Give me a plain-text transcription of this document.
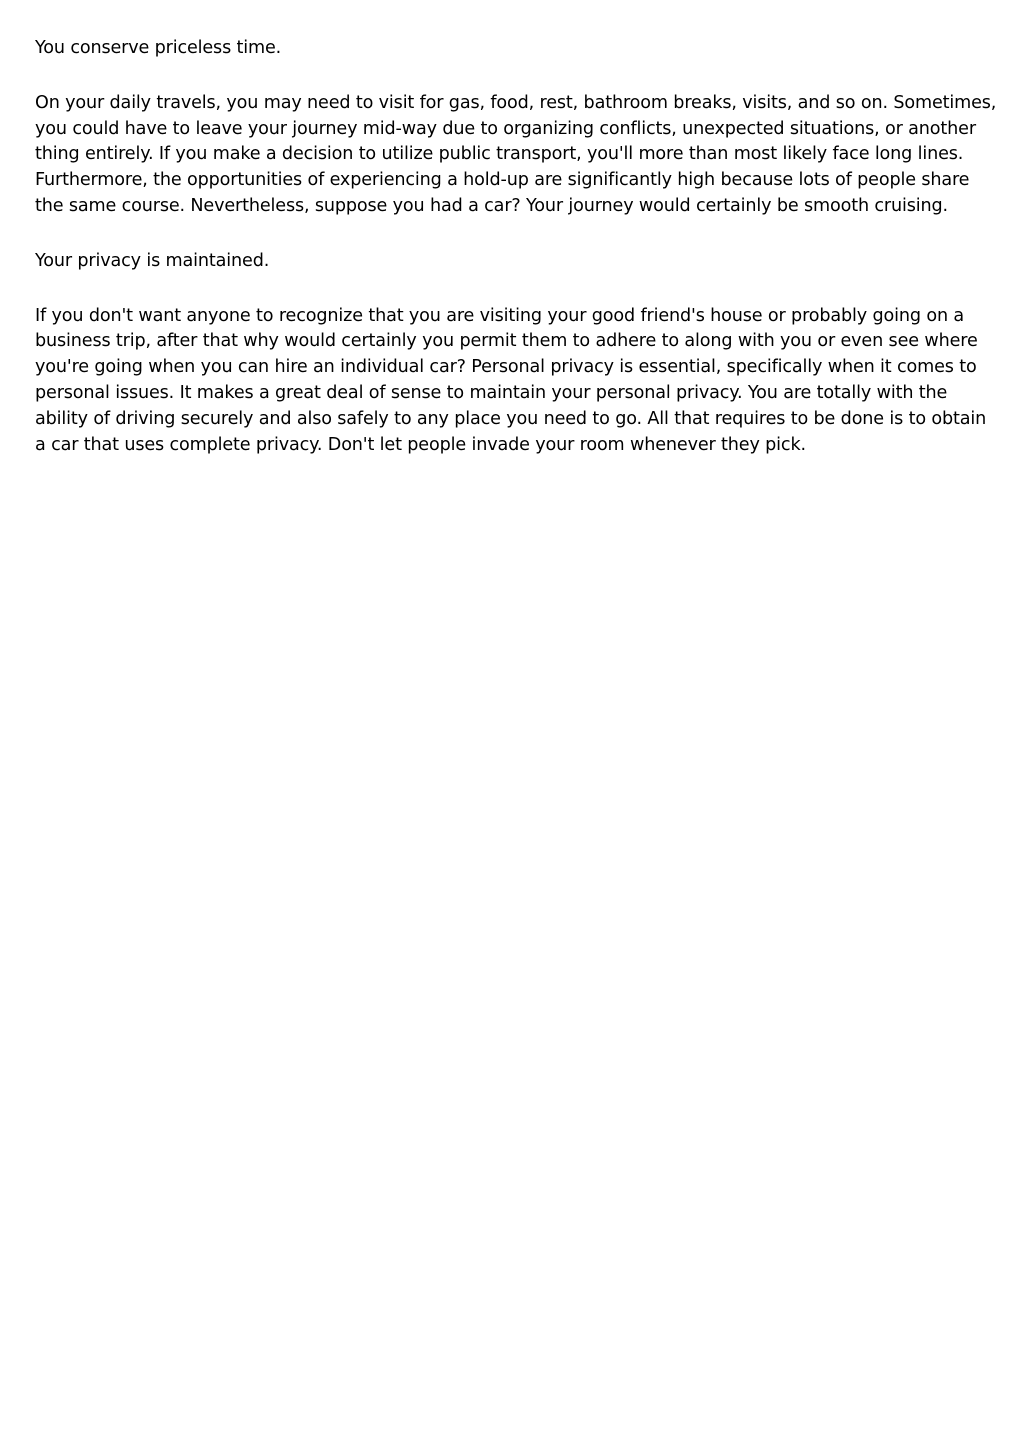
You conserve priceless time.

On your daily travels, you may need to visit for gas, food, rest, bathroom breaks, visits, and so on. Sometimes, you could have to leave your journey mid-way due to organizing conflicts, unexpected situations, or another thing entirely. If you make a decision to utilize public transport, you'll more than most likely face long lines. Furthermore, the opportunities of experiencing a hold-up are significantly high because lots of people share the same course. Nevertheless, suppose you had a car? Your journey would certainly be smooth cruising.

Your privacy is maintained.

If you don't want anyone to recognize that you are visiting your good friend's house or probably going on a business trip, after that why would certainly you permit them to adhere to along with you or even see where you're going when you can hire an individual car? Personal privacy is essential, specifically when it comes to personal issues. It makes a great deal of sense to maintain your personal privacy. You are totally with the ability of driving securely and also safely to any place you need to go. All that requires to be done is to obtain a car that uses complete privacy. Don't let people invade your room whenever they pick.
